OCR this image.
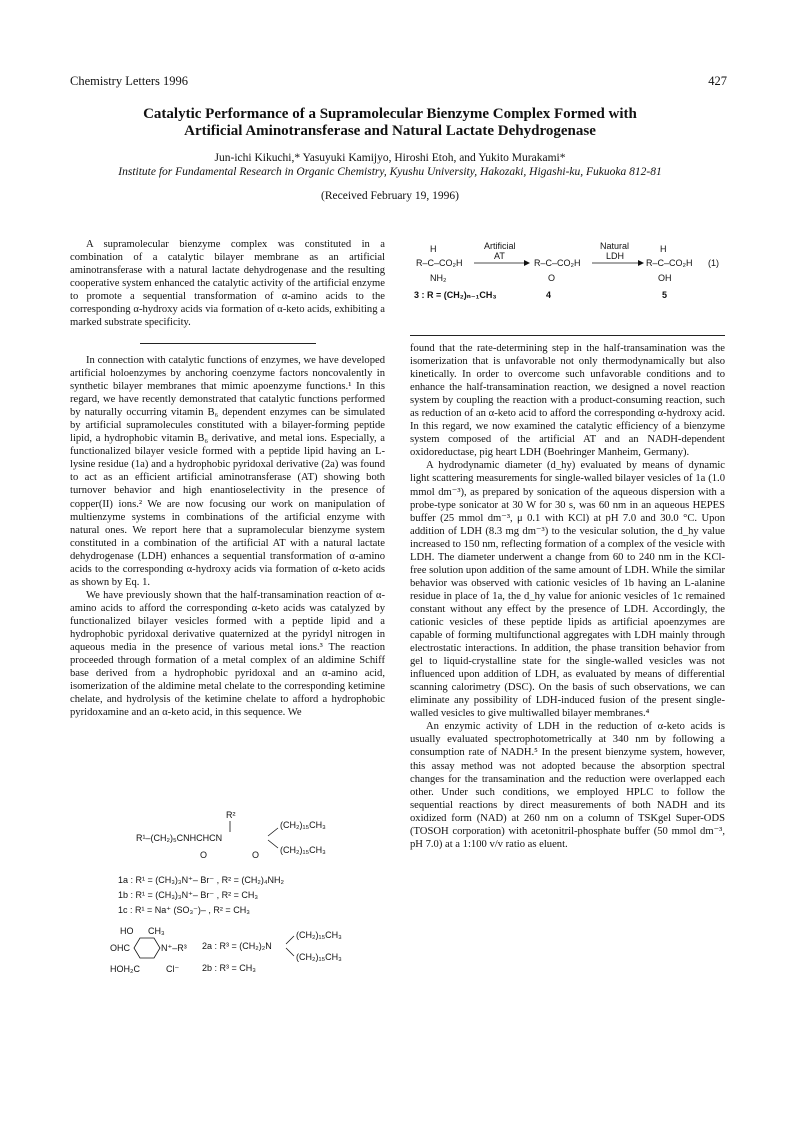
Chemistry Letters 1996	427
Catalytic Performance of a Supramolecular Bienzyme Complex Formed with
Artificial Aminotransferase and Natural Lactate Dehydrogenase
Jun-ichi Kikuchi,* Yasuyuki Kamijyo, Hiroshi Etoh, and Yukito Murakami*
Institute for Fundamental Research in Organic Chemistry, Kyushu University, Hakozaki, Higashi-ku, Fukuoka 812-81
(Received February 19, 1996)

A supramolecular bienzyme complex was constituted in a combination of a catalytic bilayer membrane as an artificial aminotransferase with a natural lactate dehydrogenase and the resulting cooperative system enhanced the catalytic activity of the artificial enzyme to promote a sequential transformation of α-amino acids to the corresponding α-hydroxy acids via formation of α-keto acids, exhibiting a marked substrate specificity.

In connection with catalytic functions of enzymes, we have developed artificial holoenzymes by anchoring coenzyme factors noncovalently in synthetic bilayer membranes that mimic apoenzyme functions.¹ In this regard, we have recently demonstrated that catalytic functions performed by naturally occurring vitamin B₆ dependent enzymes can be simulated by artificial supramolecules constituted with a bilayer-forming peptide lipid, a hydrophobic vitamin B₆ derivative, and metal ions. Especially, a functionalized bilayer vesicle formed with a peptide lipid having an L-lysine residue (1a) and a hydrophobic pyridoxal derivative (2a) was found to act as an efficient artificial aminotransferase (AT) showing both turnover behavior and high enantioselectivity in the presence of copper(II) ions.² We are now focusing our work on manipulation of multienzyme systems in combinations of the artificial enzyme with natural ones. We report here that a supramolecular bienzyme system constituted in a combination of the artificial AT with a natural lactate dehydrogenase (LDH) enhances a sequential transformation of α-amino acids to the corresponding α-hydroxy acids via formation of α-keto acids as shown by Eq. 1.

We have previously shown that the half-transamination reaction of α-amino acids to afford the corresponding α-keto acids was catalyzed by functionalized bilayer vesicles formed with a peptide lipid and a hydrophobic pyridoxal derivative quaternized at the pyridyl nitrogen in aqueous media in the presence of various metal ions.³ The reaction proceeded through formation of a metal complex of an aldimine Schiff base derived from a hydrophobic pyridoxal and an α-amino acid, isomerization of the aldimine metal chelate to the corresponding ketimine chelate, and hydrolysis of the ketimine chelate to afford a hydrophobic pyridoxamine and an α-keto acid, in this sequence. We

R²
R¹–(CH₂)₅CNHCHCN
(CH₂)₁₅CH₃
(CH₂)₁₅CH₃
O	O
1a : R¹ = (CH₃)₃N⁺– Br⁻ , R² = (CH₂)₄NH₂
1b : R¹ = (CH₃)₃N⁺– Br⁻ , R² = CH₃
1c : R¹ = Na⁺ (SO₃⁻)– , R² = CH₃
HO CH₃
OHC	N⁺–R³
HOH₂C	Cl⁻
2a : R³ = (CH₂)₂N
(CH₂)₁₅CH₃
(CH₂)₁₅CH₃
2b : R³ = CH₃
H
R–C–CO₂H
NH₂
Artificial
AT
R–C–CO₂H
O
Natural
LDH
H
R–C–CO₂H
OH
(1)
3 : R = (CH₂)ₙ₋₁CH₃	4	5

found that the rate-determining step in the half-transamination was the isomerization that is unfavorable not only thermodynamically but also kinetically. In order to overcome such unfavorable conditions and to enhance the half-transamination reaction, we designed a novel reaction system by coupling the reaction with a product-consuming reaction, such as reduction of an α-keto acid to afford the corresponding α-hydroxy acid. In this regard, we now examined the catalytic efficiency of a bienzyme system composed of the artificial AT and an NADH-dependent oxidoreductase, pig heart LDH (Boehringer Manheim, Germany).

A hydrodynamic diameter (d_hy) evaluated by means of dynamic light scattering measurements for single-walled bilayer vesicles of 1a (1.0 mmol dm⁻³), as prepared by sonication of the aqueous dispersion with a probe-type sonicator at 30 W for 30 s, was 60 nm in an aqueous HEPES buffer (25 mmol dm⁻³, μ 0.1 with KCl) at pH 7.0 and 30.0 °C. Upon addition of LDH (8.3 mg dm⁻³) to the vesicular solution, the d_hy value increased to 150 nm, reflecting formation of a complex of the vesicle with LDH. The diameter underwent a change from 60 to 240 nm in the KCl-free solution upon addition of the same amount of LDH. While the similar behavior was observed with cationic vesicles of 1b having an L-alanine residue in place of 1a, the d_hy value for anionic vesicles of 1c remained constant without any effect by the presence of LDH. Accordingly, the cationic vesicles of these peptide lipids as artificial apoenzymes are capable of forming multifunctional aggregates with LDH mainly through electrostatic interactions. In addition, the phase transition behavior from gel to liquid-crystalline state for the single-walled vesicles was not influenced upon addition of LDH, as evaluated by means of differential scanning calorimetry (DSC). On the basis of such observations, we can eliminate any possibility of LDH-induced fusion of the present single-walled vesicles to give multiwalled bilayer membranes.⁴

An enzymic activity of LDH in the reduction of α-keto acids is usually evaluated spectrophotometrically at 340 nm by following a consumption rate of NADH.⁵ In the present bienzyme system, however, this assay method was not adopted because the absorption spectral changes for the transamination and the reduction were overlapped each other. Under such conditions, we employed HPLC to follow the sequential reactions by direct measurements of both NADH and its oxidized form (NAD) at 260 nm on a column of TSKgel Super-ODS (TOSOH corporation) with acetonitril-phosphate buffer (50 mmol dm⁻³, pH 7.0) at a 1:100 v/v ratio as eluent.
